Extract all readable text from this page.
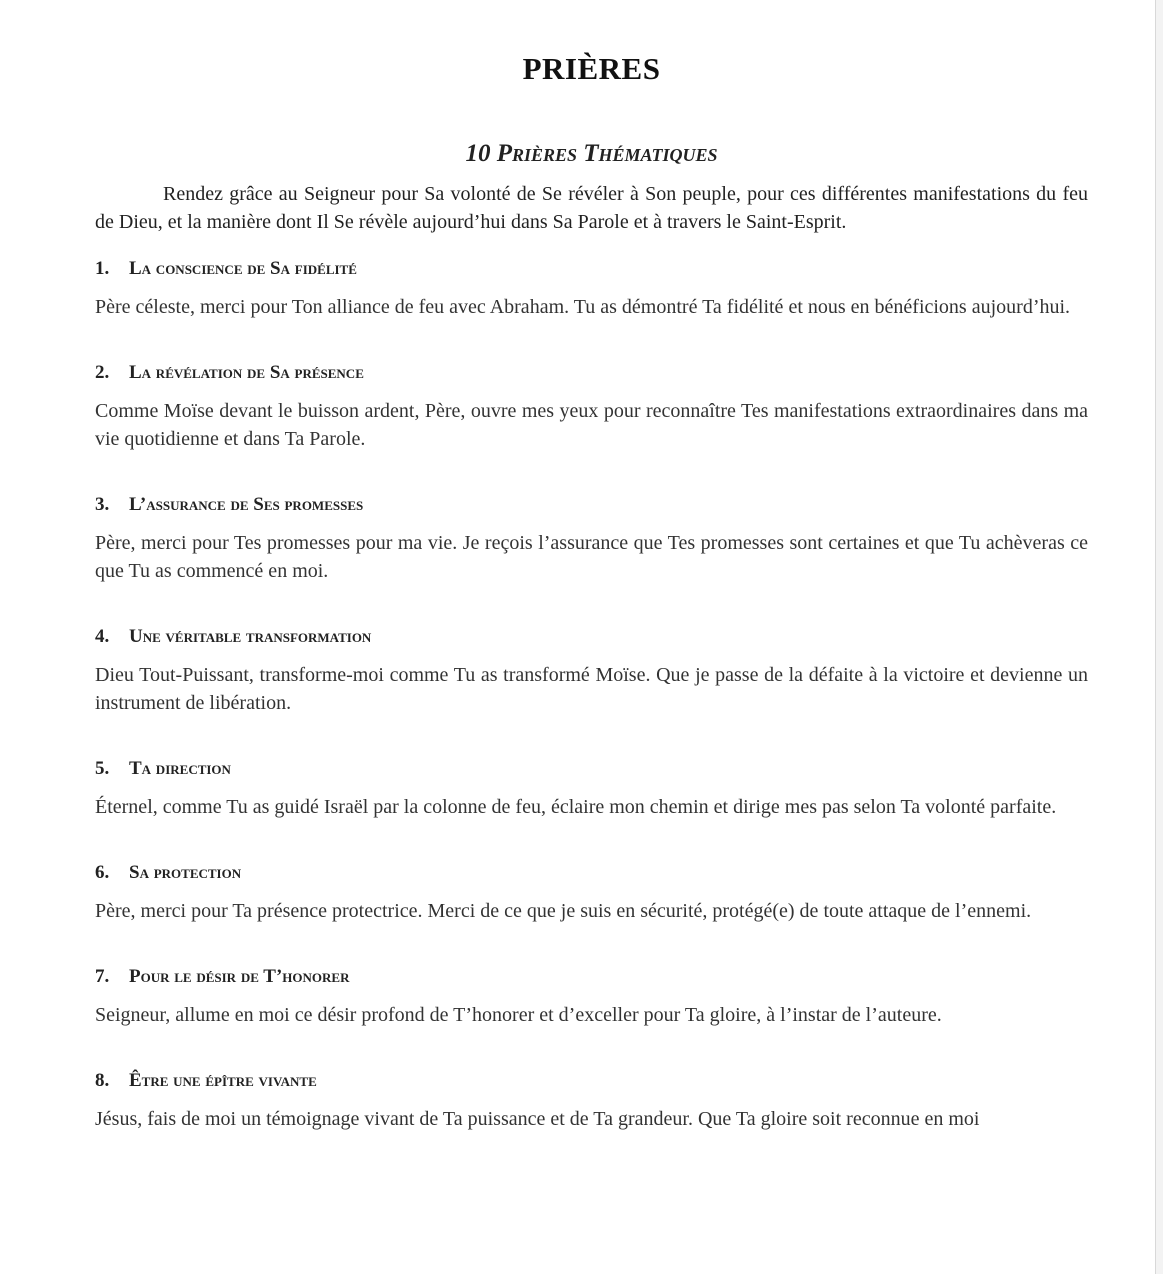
PRIÈRES
10 Prières Thématiques

Rendez grâce au Seigneur pour Sa volonté de Se révéler à Son peuple, pour ces différentes manifestations du feu de Dieu, et la manière dont Il Se révèle aujourd’hui dans Sa Parole et à travers le Saint-Esprit.

1. La conscience de Sa fidélité

Père céleste, merci pour Ton alliance de feu avec Abraham. Tu as démontré Ta fidélité et nous en bénéficions aujourd’hui.

2. La révélation de Sa présence

Comme Moïse devant le buisson ardent, Père, ouvre mes yeux pour reconnaître Tes manifestations extraordinaires dans ma vie quotidienne et dans Ta Parole.

3. L’assurance de Ses promesses

Père, merci pour Tes promesses pour ma vie. Je reçois l’assurance que Tes promesses sont certaines et que Tu achèveras ce que Tu as commencé en moi.

4. Une véritable transformation

Dieu Tout-Puissant, transforme-moi comme Tu as transformé Moïse. Que je passe de la défaite à la victoire et devienne un instrument de libération.

5. Ta direction

Éternel, comme Tu as guidé Israël par la colonne de feu, éclaire mon chemin et dirige mes pas selon Ta volonté parfaite.

6. Sa protection

Père, merci pour Ta présence protectrice. Merci de ce que je suis en sécurité, protégé(e) de toute attaque de l’ennemi.

7. Pour le désir de T’honorer

Seigneur, allume en moi ce désir profond de T’honorer et d’exceller pour Ta gloire, à l’instar de l’auteure.

8. Être une épître vivante

Jésus, fais de moi un témoignage vivant de Ta puissance et de Ta grandeur. Que Ta gloire soit reconnue en moi
